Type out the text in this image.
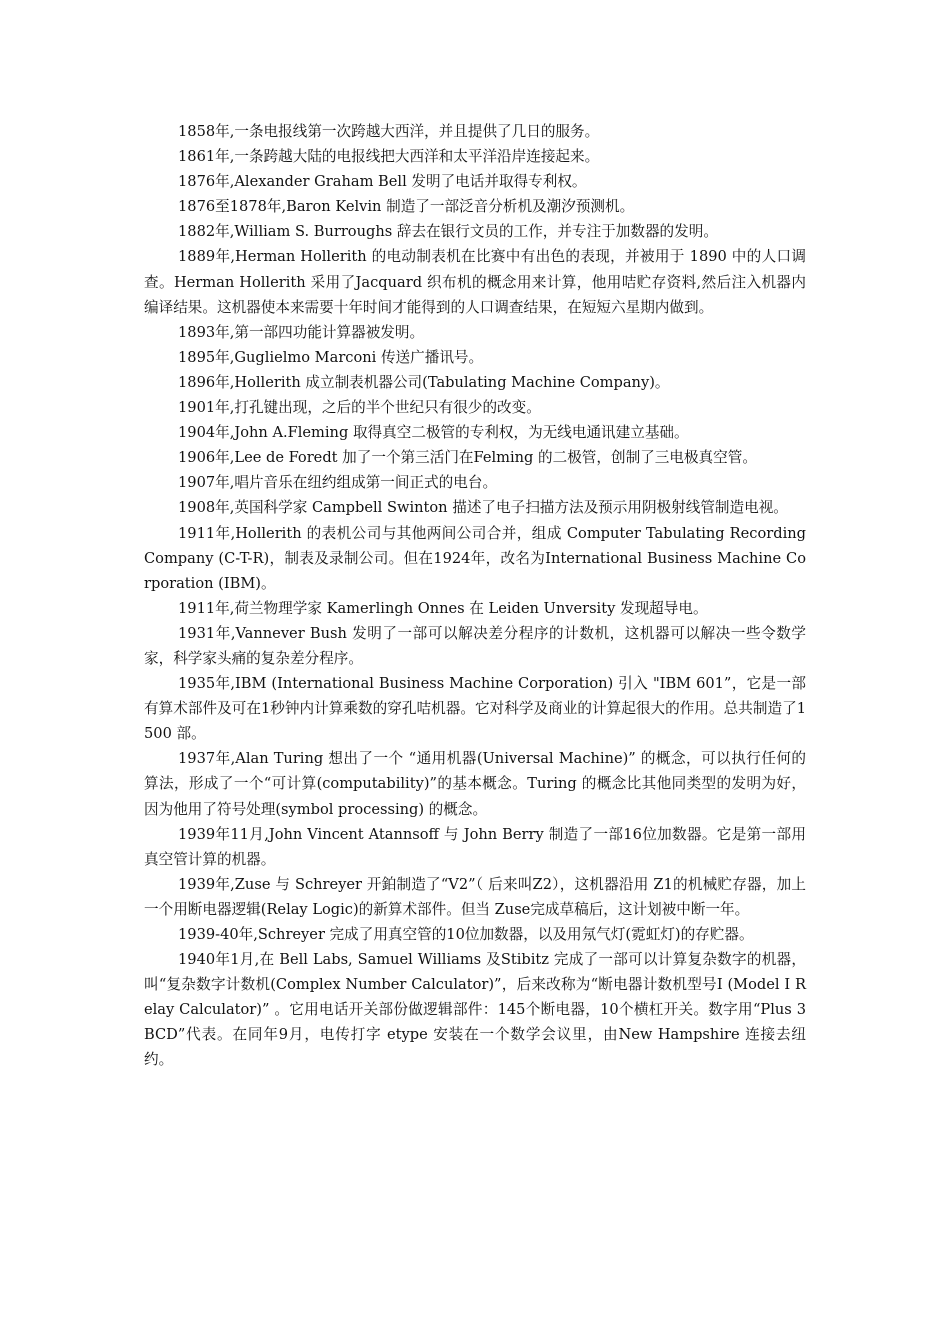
1858年,一条电报线第一次跨越大西洋，并且提供了几日的服务。

1861年,一条跨越大陆的电报线把大西洋和太平洋沿岸连接起来。

1876年,Alexander Graham Bell 发明了电话并取得专利权。

1876至1878年,Baron Kelvin 制造了一部泛音分析机及潮汐预测机。

1882年,William S. Burroughs 辞去在银行文员的工作，并专注于加数器的发明。

1889年,Herman Hollerith 的电动制表机在比赛中有出色的表现，并被用于 1890 中的人口调查。Herman Hollerith 采用了Jacquard 织布机的概念用来计算，他用咭贮存资料,然后注入机器内编译结果。这机器使本来需要十年时间才能得到的人口调查结果，在短短六星期内做到。

1893年,第一部四功能计算器被发明。

1895年,Guglielmo Marconi 传送广播讯号。

1896年,Hollerith 成立制表机器公司(Tabulating Machine Company)。

1901年,打孔键出现，之后的半个世纪只有很少的改变。

1904年,John A.Fleming 取得真空二极管的专利权，为无线电通讯建立基础。

1906年,Lee de Foredt 加了一个第三活门在Felming 的二极管，创制了三电极真空管。

1907年,唱片音乐在纽约组成第一间正式的电台。

1908年,英国科学家 Campbell Swinton 描述了电子扫描方法及预示用阴极射线管制造电视。

1911年,Hollerith 的表机公司与其他两间公司合并，组成 Computer Tabulating Recording Company (C-T-R)，制表及录制公司。但在1924年，改名为International Business Machine Corporation (IBM)。

1911年,荷兰物理学家 Kamerlingh Onnes 在 Leiden Unversity 发现超导电。

1931年,Vannever Bush 发明了一部可以解决差分程序的计数机，这机器可以解决一些令数学家，科学家头痛的复杂差分程序。

1935年,IBM (International Business Machine Corporation) 引入 "IBM 601”，它是一部有算术部件及可在1秒钟内计算乘数的穿孔咭机器。它对科学及商业的计算起很大的作用。总共制造了1500 部。

1937年,Alan Turing 想出了一个 “通用机器(Universal Machine)” 的概念，可以执行任何的算法，形成了一个“可计算(computability)”的基本概念。Turing 的概念比其他同类型的发明为好，因为他用了符号处理(symbol processing) 的概念。

1939年11月,John Vincent Atannsoff 与 John Berry 制造了一部16位加数器。它是第一部用真空管计算的机器。

1939年,Zuse 与 Schreyer 开鉑制造了“V2”（ 后来叫Z2），这机器沿用 Z1的机械贮存器，加上一个用断电器逻辑(Relay Logic)的新算术部件。但当 Zuse完成草稿后，这计划被中断一年。

1939-40年,Schreyer 完成了用真空管的10位加数器，以及用氖气灯(霓虹灯)的存贮器。

1940年1月,在 Bell Labs, Samuel Williams 及Stibitz 完成了一部可以计算复杂数字的机器，叫“复杂数字计数机(Complex Number Calculator)”，后来改称为“断电器计数机型号I (Model I Relay Calculator)” 。它用电话开关部份做逻辑部件：145个断电器，10个横杠开关。数字用“Plus 3BCD”代表。在同年9月，电传打字 etype 安装在一个数学会议里，由New Hampshire 连接去纽约。
